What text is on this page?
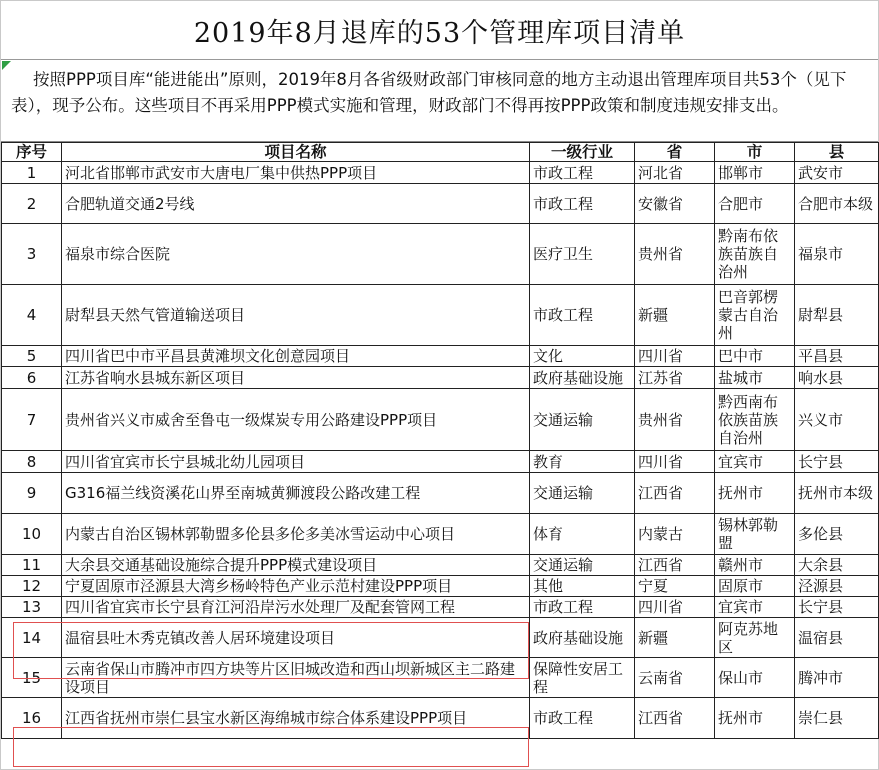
2019年8月退库的53个管理库项目清单
按照PPP项目库“能进能出”原则，2019年8月各省级财政部门审核同意的地方主动退出管理库项目共53个（见下表），现予公布。这些项目不再采用PPP模式实施和管理，财政部门不得再按PPP政策和制度违规安排支出。
序号	项目名称	一级行业	省	市	县
1	河北省邯郸市武安市大唐电厂集中供热PPP项目	市政工程	河北省	邯郸市	武安市
2	合肥轨道交通2号线	市政工程	安徽省	合肥市	合肥市本级
3	福泉市综合医院	医疗卫生	贵州省	黔南布依族苗族自治州	福泉市
4	尉犁县天然气管道输送项目	市政工程	新疆	巴音郭楞蒙古自治州	尉犁县
5	四川省巴中市平昌县黄滩坝文化创意园项目	文化	四川省	巴中市	平昌县
6	江苏省响水县城东新区项目	政府基础设施	江苏省	盐城市	响水县
7	贵州省兴义市威舍至鲁屯一级煤炭专用公路建设PPP项目	交通运输	贵州省	黔西南布依族苗族自治州	兴义市
8	四川省宜宾市长宁县城北幼儿园项目	教育	四川省	宜宾市	长宁县
9	G316福兰线资溪花山界至南城黄狮渡段公路改建工程	交通运输	江西省	抚州市	抚州市本级
10	内蒙古自治区锡林郭勒盟多伦县多伦多美冰雪运动中心项目	体育	内蒙古	锡林郭勒盟	多伦县
11	大余县交通基础设施综合提升PPP模式建设项目	交通运输	江西省	赣州市	大余县
12	宁夏固原市泾源县大湾乡杨岭特色产业示范村建设PPP项目	其他	宁夏	固原市	泾源县
13	四川省宜宾市长宁县育江河沿岸污水处理厂及配套管网工程	市政工程	四川省	宜宾市	长宁县
14	温宿县吐木秀克镇改善人居环境建设项目	政府基础设施	新疆	阿克苏地区	温宿县
15	云南省保山市腾冲市四方块等片区旧城改造和西山坝新城区主二路建设项目	保障性安居工程	云南省	保山市	腾冲市
16	江西省抚州市崇仁县宝水新区海绵城市综合体系建设PPP项目	市政工程	江西省	抚州市	崇仁县
